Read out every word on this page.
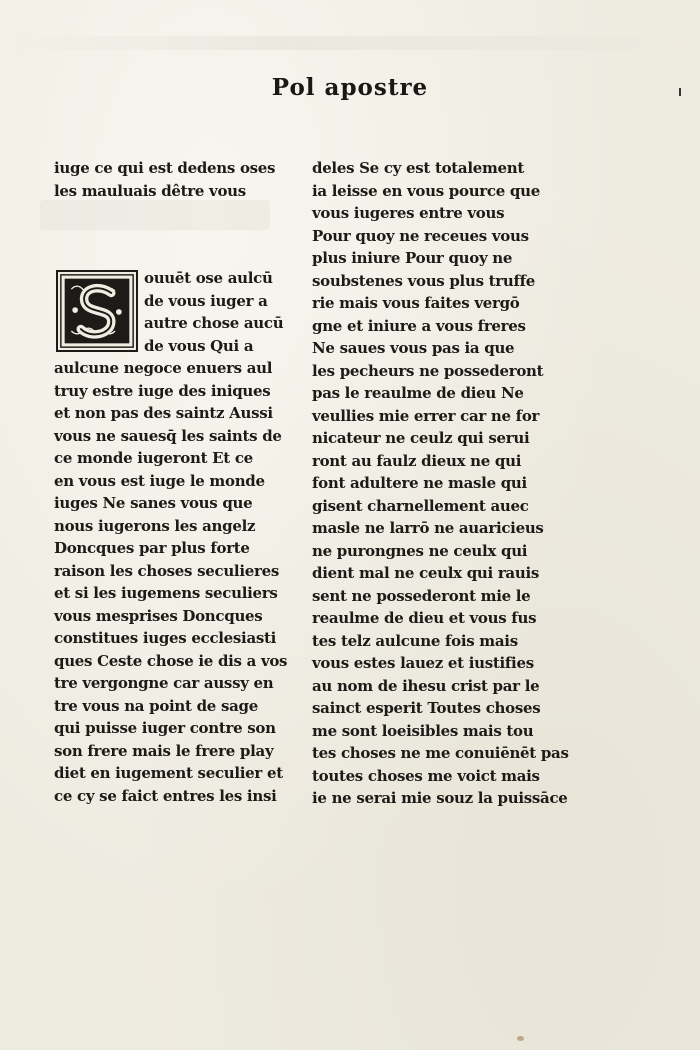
Pol apostre
iuge ce qui est dedens oses
les mauluais dêtre vous
ouuēt ose aulcū
de vous iuger a
autre chose aucū
de vous Qui a
aulcune negoce enuers aul
truy estre iuge des iniques
et non pas des saintz Aussi
vous ne sauesq̄ les saints de
ce monde iugeront Et ce
en vous est iuge le monde
iuges Ne sanes vous que
nous iugerons les angelz
Doncques par plus forte
raison les choses seculieres
et si les iugemens seculiers
vous mesprises Doncques
constitues iuges ecclesiasti
ques Ceste chose ie dis a vos
tre vergongne car aussy en
tre vous na point de sage
qui puisse iuger contre son
son frere mais le frere play
diet en iugement seculier et
ce cy se faict entres les insi
deles Se cy est totalement
ia leisse en vous pource que
vous iugeres entre vous
Pour quoy ne receues vous
plus iniure Pour quoy ne
soubstenes vous plus truffe
rie mais vous faites vergō
gne et iniure a vous freres
Ne saues vous pas ia que
les pecheurs ne possederont
pas le reaulme de dieu Ne
veullies mie errer car ne for
nicateur ne ceulz qui serui
ront au faulz dieux ne qui
font adultere ne masle qui
gisent charnellement auec
masle ne larrō ne auaricieus
ne purongnes ne ceulx qui
dient mal ne ceulx qui rauis
sent ne possederont mie le
reaulme de dieu et vous fus
tes telz aulcune fois mais
vous estes lauez et iustifies
au nom de ihesu crist par le
sainct esperit Toutes choses
me sont loeisibles mais tou
tes choses ne me conuiēnēt pas
toutes choses me voict mais
ie ne serai mie souz la puissāce
